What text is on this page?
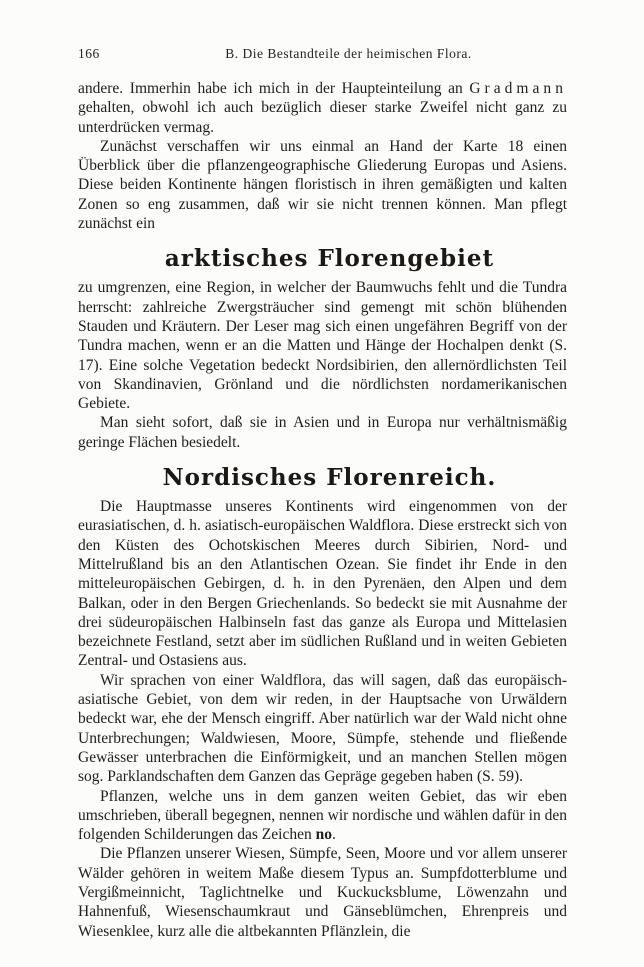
166	B. Die Bestandteile der heimischen Flora.

andere. Immerhin habe ich mich in der Haupteinteilung an Gradmann gehalten, obwohl ich auch bezüglich dieser starke Zweifel nicht ganz zu unterdrücken vermag.

Zunächst verschaffen wir uns einmal an Hand der Karte 18 einen Überblick über die pflanzengeographische Gliederung Europas und Asiens. Diese beiden Kontinente hängen floristisch in ihren gemäßigten und kalten Zonen so eng zusammen, daß wir sie nicht trennen können. Man pflegt zunächst ein

arktisches Florengebiet

zu umgrenzen, eine Region, in welcher der Baumwuchs fehlt und die Tundra herrscht: zahlreiche Zwergsträucher sind gemengt mit schön blühenden Stauden und Kräutern. Der Leser mag sich einen ungefähren Begriff von der Tundra machen, wenn er an die Matten und Hänge der Hochalpen denkt (S. 17). Eine solche Vegetation bedeckt Nordsibirien, den allernördlichsten Teil von Skandinavien, Grönland und die nördlichsten nordamerikanischen Gebiete.

Man sieht sofort, daß sie in Asien und in Europa nur verhältnismäßig geringe Flächen besiedelt.

Nordisches Florenreich.

Die Hauptmasse unseres Kontinents wird eingenommen von der eurasiatischen, d. h. asiatisch-europäischen Waldflora. Diese erstreckt sich von den Küsten des Ochotskischen Meeres durch Sibirien, Nord- und Mittelrußland bis an den Atlantischen Ozean. Sie findet ihr Ende in den mitteleuropäischen Gebirgen, d. h. in den Pyrenäen, den Alpen und dem Balkan, oder in den Bergen Griechenlands. So bedeckt sie mit Ausnahme der drei südeuropäischen Halbinseln fast das ganze als Europa und Mittelasien bezeichnete Festland, setzt aber im südlichen Rußland und in weiten Gebieten Zentral- und Ostasiens aus.

Wir sprachen von einer Waldflora, das will sagen, daß das europäisch-asiatische Gebiet, von dem wir reden, in der Hauptsache von Urwäldern bedeckt war, ehe der Mensch eingriff. Aber natürlich war der Wald nicht ohne Unterbrechungen; Waldwiesen, Moore, Sümpfe, stehende und fließende Gewässer unterbrachen die Einförmigkeit, und an manchen Stellen mögen sog. Parklandschaften dem Ganzen das Gepräge gegeben haben (S. 59).

Pflanzen, welche uns in dem ganzen weiten Gebiet, das wir eben umschrieben, überall begegnen, nennen wir nordische und wählen dafür in den folgenden Schilderungen das Zeichen no.

Die Pflanzen unserer Wiesen, Sümpfe, Seen, Moore und vor allem unserer Wälder gehören in weitem Maße diesem Typus an. Sumpfdotterblume und Vergißmeinnicht, Taglichtnelke und Kuckucksblume, Löwenzahn und Hahnenfuß, Wiesenschaumkraut und Gänseblümchen, Ehrenpreis und Wiesenklee, kurz alle die altbekannten Pflänzlein, die
